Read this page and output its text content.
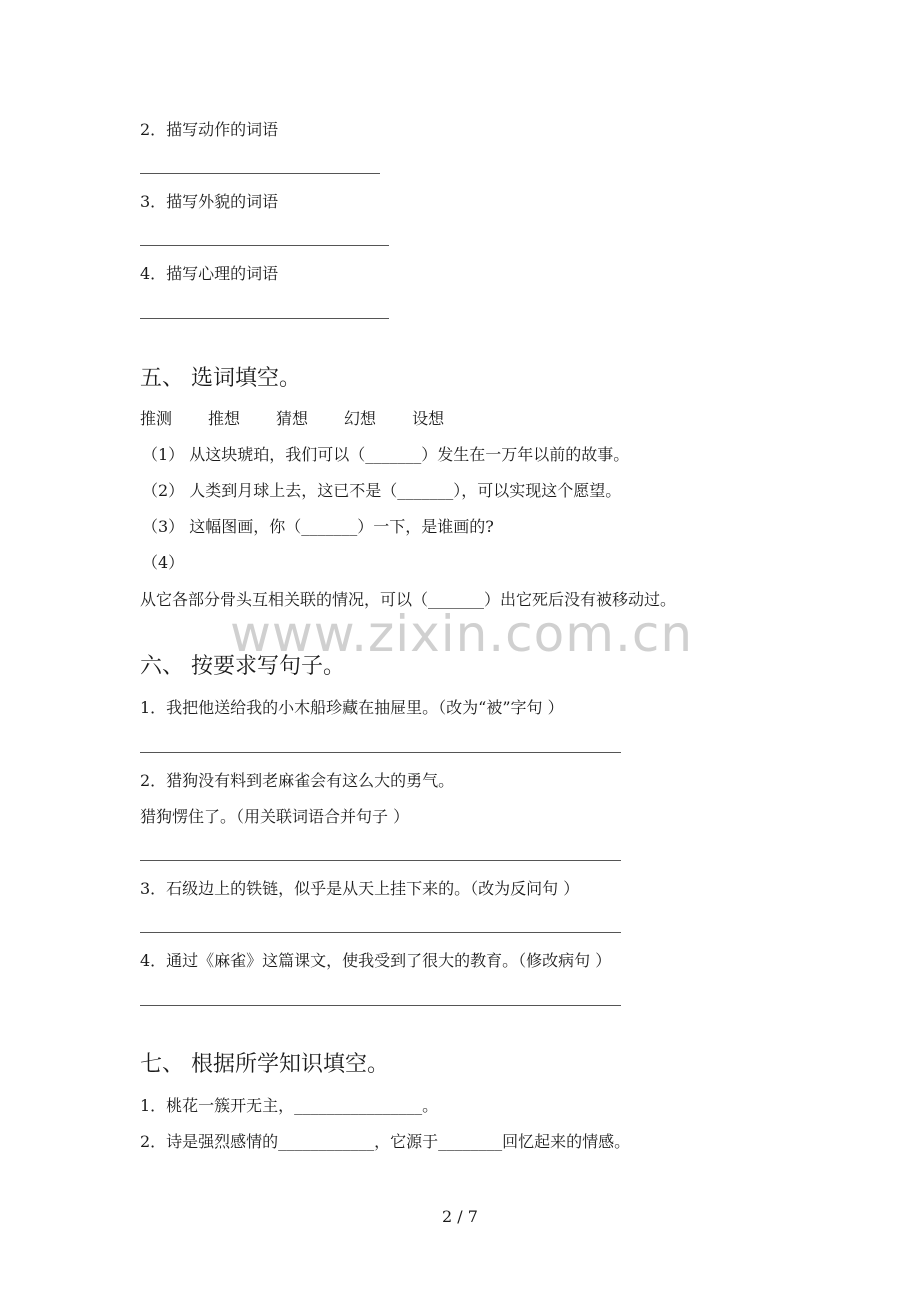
2．描写动作的词语
3．描写外貌的词语
4．描写心理的词语
五、 选词填空。
推测 推想 猜想 幻想 设想
（1） 从这块琥珀，我们可以（_______）发生在一万年以前的故事。
（2） 人类到月球上去，这已不是（_______），可以实现这个愿望。
（3） 这幅图画，你（_______）一下，是谁画的?
（4）
从它各部分骨头互相关联的情况，可以（_______）出它死后没有被移动过。
www.zixin.com.cn
六、 按要求写句子。
1．我把他送给我的小木船珍藏在抽屉里。（改为“被”字句 ）
2．猎狗没有料到老麻雀会有这么大的勇气。
猎狗愣住了。（用关联词语合并句子 ）
3．石级边上的铁链，似乎是从天上挂下来的。（改为反问句 ）
4．通过《麻雀》这篇课文，使我受到了很大的教育。（修改病句 ）
七、 根据所学知识填空。
1．桃花一簇开无主，________________。
2．诗是强烈感情的____________，它源于________回忆起来的情感。
2 / 7
